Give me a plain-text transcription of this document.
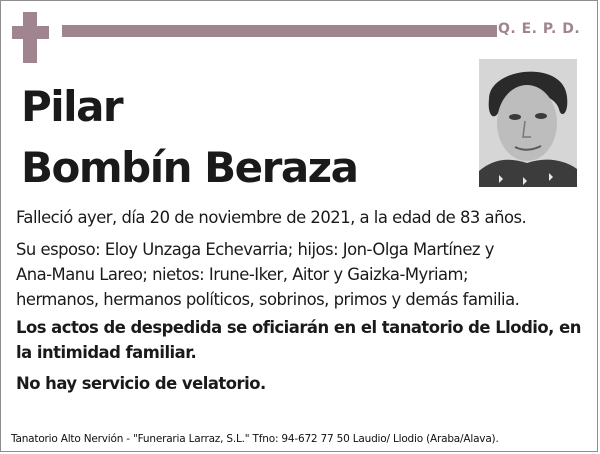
Q. E. P. D.
Pilar
Bombín Beraza
Falleció ayer, día 20 de noviembre de 2021, a la edad de 83 años.
Su esposo: Eloy Unzaga Echevarria; hijos: Jon-Olga Martínez y
Ana-Manu Lareo; nietos: Irune-Iker, Aitor y Gaizka-Myriam;
hermanos, hermanos políticos, sobrinos, primos y demás familia.
Los actos de despedida se oficiarán en el tanatorio de Llodio, en
la intimidad familiar.
No hay servicio de velatorio.
Tanatorio Alto Nervión - "Funeraria Larraz, S.L." Tfno: 94-672 77 50 Laudio/ Llodio (Araba/Alava).
